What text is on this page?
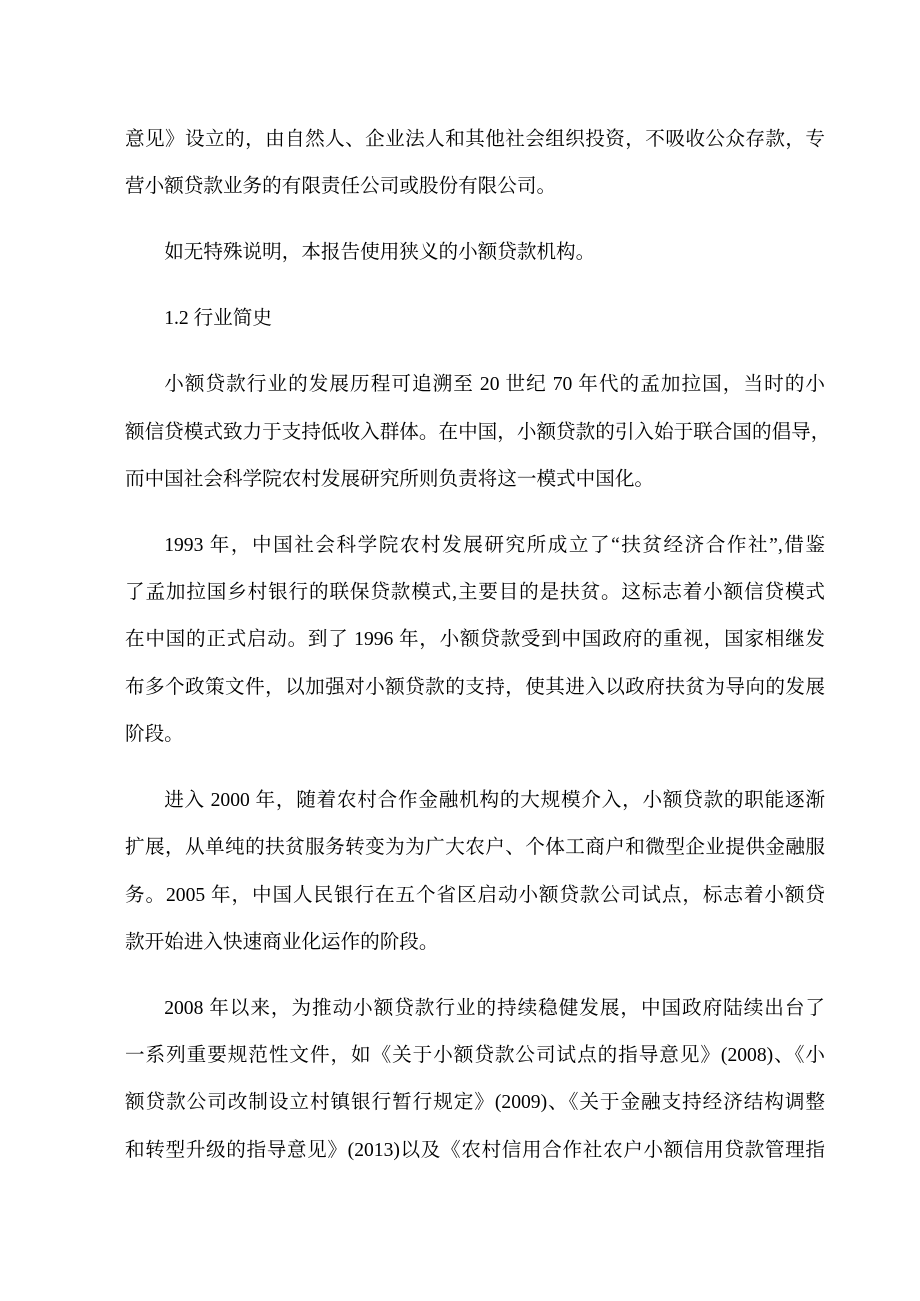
意见》设立的，由自然人、企业法人和其他社会组织投资，不吸收公众存款，专
营小额贷款业务的有限责任公司或股份有限公司。
如无特殊说明，本报告使用狭义的小额贷款机构。
1.2 行业简史
小额贷款行业的发展历程可追溯至 20 世纪 70 年代的孟加拉国，当时的小
额信贷模式致力于支持低收入群体。在中国，小额贷款的引入始于联合国的倡导，
而中国社会科学院农村发展研究所则负责将这一模式中国化。
1993 年，中国社会科学院农村发展研究所成立了“扶贫经济合作社”,借鉴
了孟加拉国乡村银行的联保贷款模式,主要目的是扶贫。这标志着小额信贷模式
在中国的正式启动。到了 1996 年，小额贷款受到中国政府的重视，国家相继发
布多个政策文件，以加强对小额贷款的支持，使其进入以政府扶贫为导向的发展
阶段。
进入 2000 年，随着农村合作金融机构的大规模介入，小额贷款的职能逐渐
扩展，从单纯的扶贫服务转变为为广大农户、个体工商户和微型企业提供金融服
务。2005 年，中国人民银行在五个省区启动小额贷款公司试点，标志着小额贷
款开始进入快速商业化运作的阶段。
2008 年以来，为推动小额贷款行业的持续稳健发展，中国政府陆续出台了
一系列重要规范性文件，如《关于小额贷款公司试点的指导意见》(2008)、《小
额贷款公司改制设立村镇银行暂行规定》(2009)、《关于金融支持经济结构调整
和转型升级的指导意见》(2013)以及《农村信用合作社农户小额信用贷款管理指
